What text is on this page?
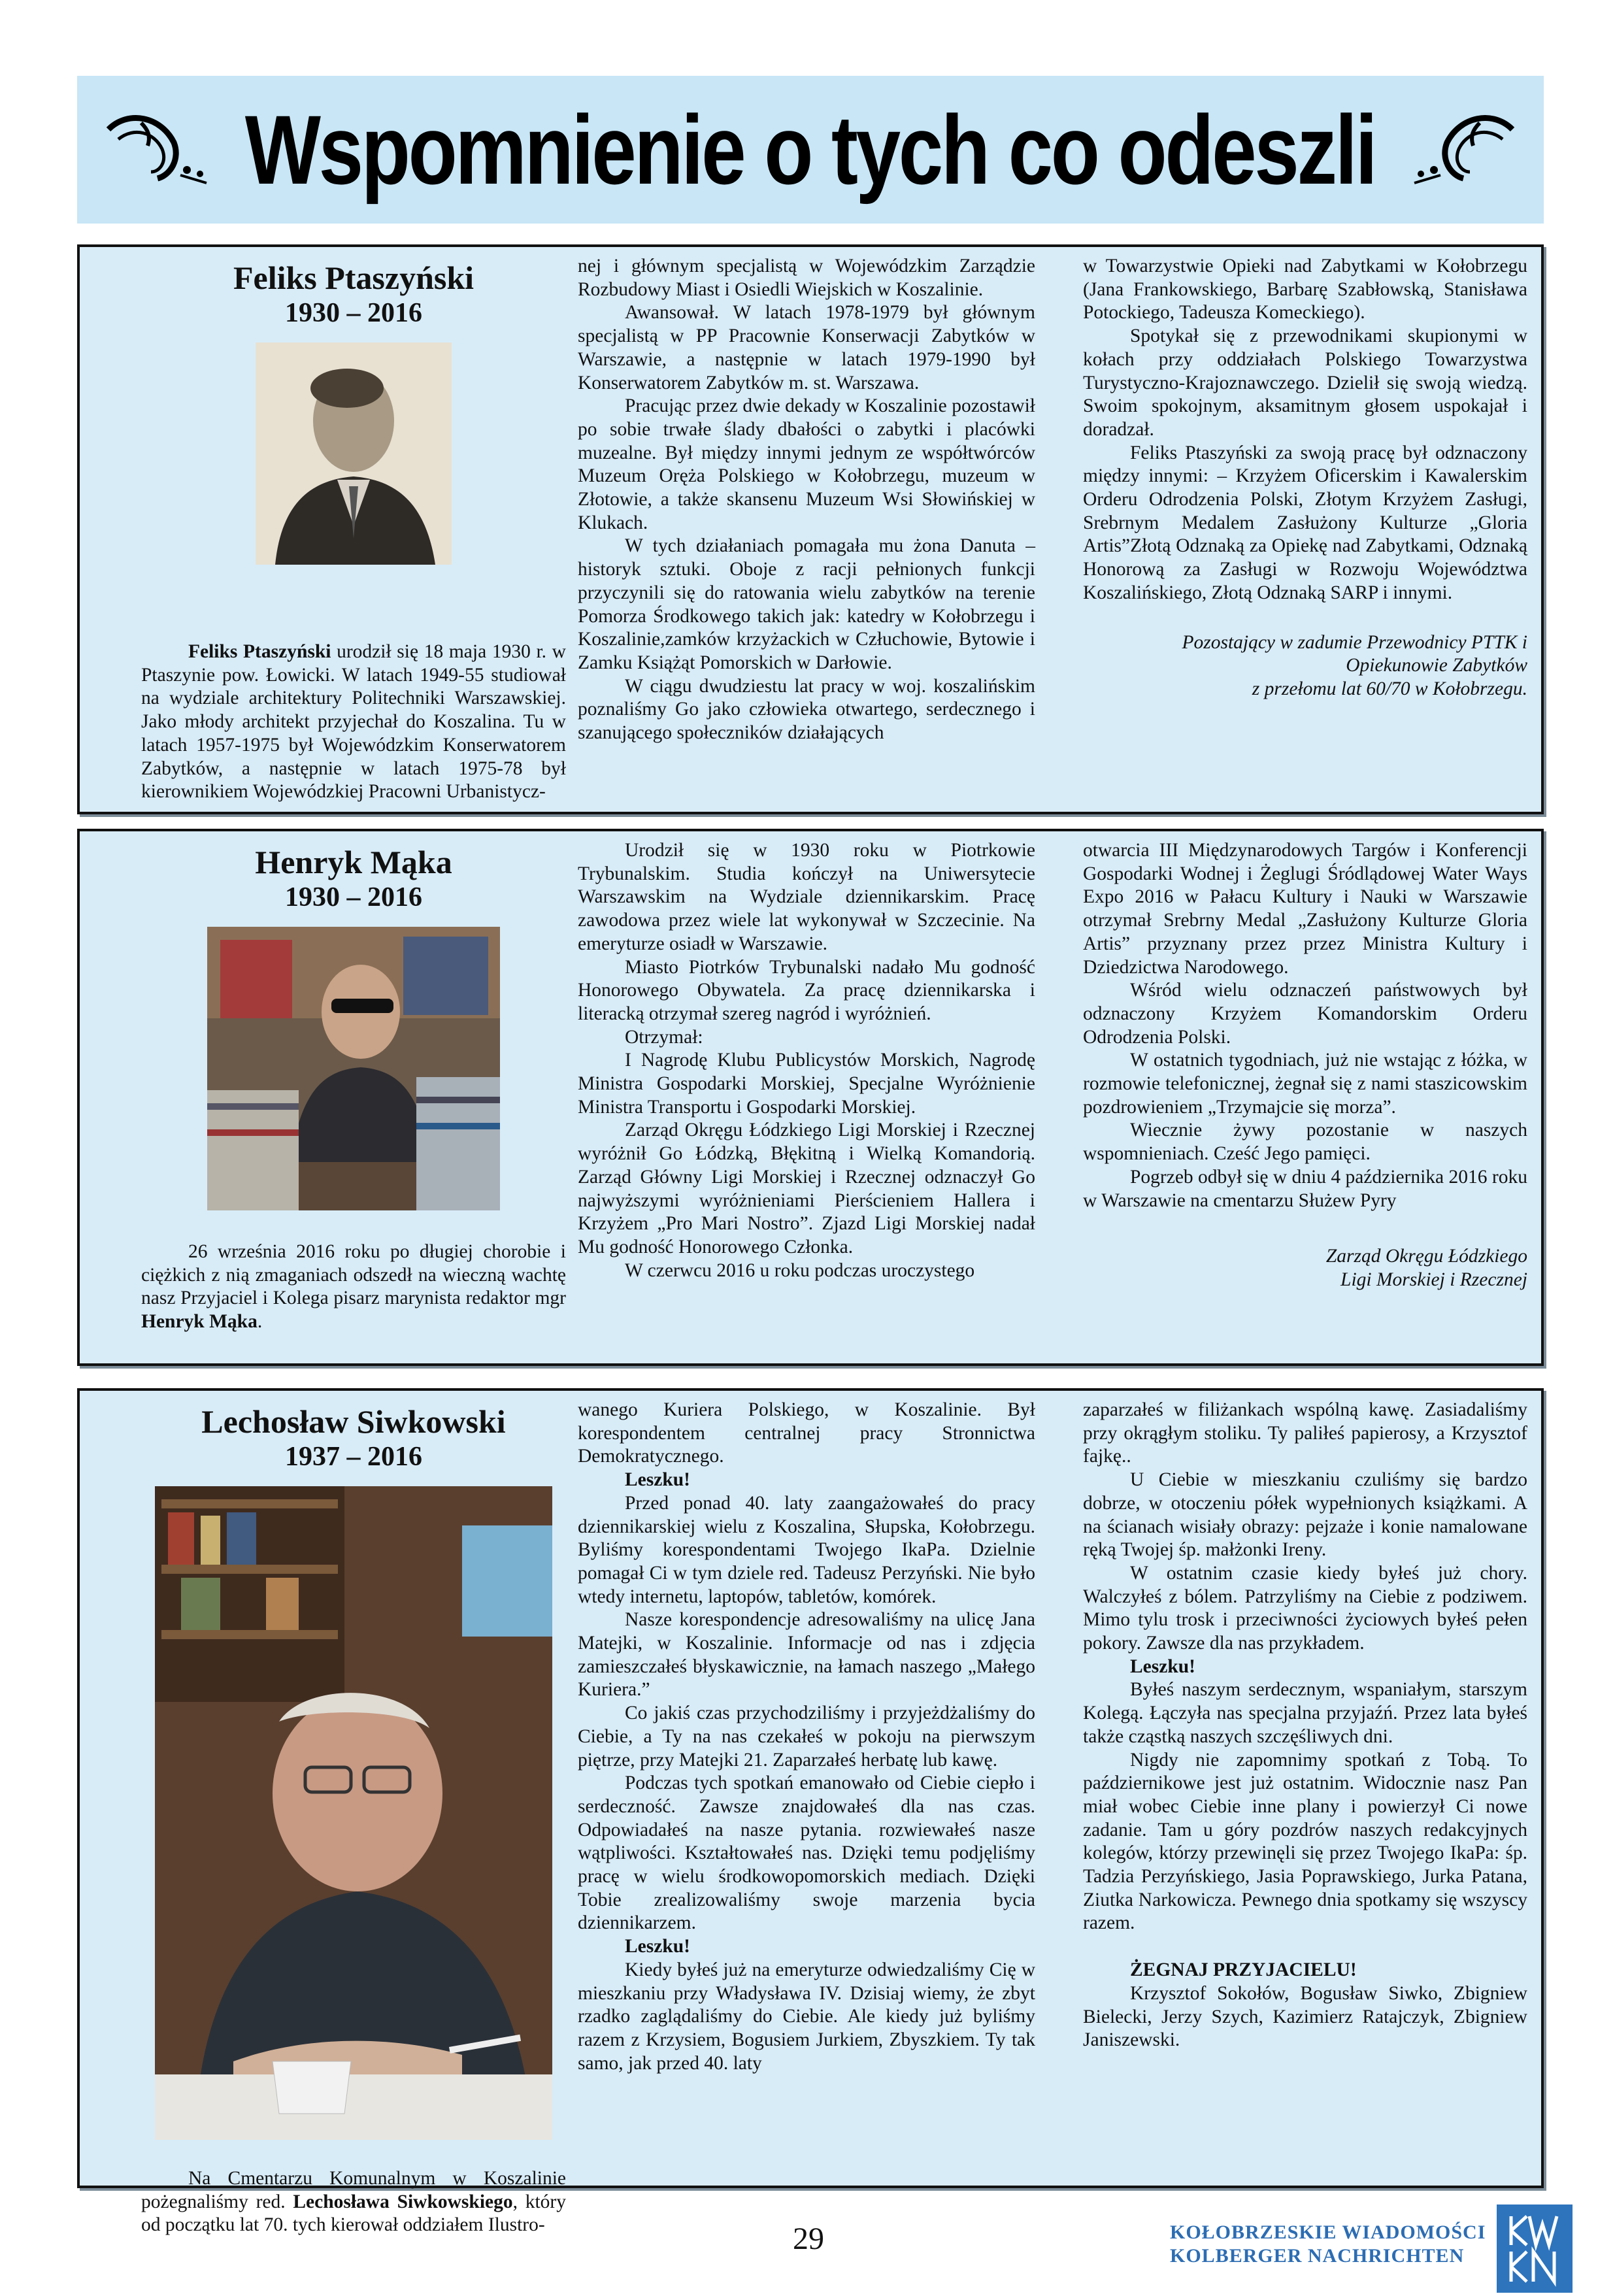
Wspomnienie o tych co odeszli
Feliks Ptaszyński
1930 – 2016

Feliks Ptaszyński urodził się 18 maja 1930 r. w Ptaszynie pow. Łowicki. W latach 1949-55 studiował na wydziale architektury Politechniki Warszawskiej. Jako młody architekt przyjechał do Koszalina. Tu w latach 1957-1975 był Wojewódzkim Konserwatorem Zabytków, a następnie w latach 1975-78 był kierownikiem Wojewódzkiej Pracowni Urbanistycz-

nej i głównym specjalistą w Wojewódzkim Zarządzie Rozbudowy Miast i Osiedli Wiejskich w Koszalinie.

Awansował. W latach 1978-1979 był głównym specjalistą w PP Pracownie Konserwacji Zabytków w Warszawie, a następnie w latach 1979-1990 był Konserwatorem Zabytków m. st. Warszawa.

Pracując przez dwie dekady w Koszalinie pozostawił po sobie trwałe ślady dbałości o zabytki i placówki muzealne. Był między innymi jednym ze współtwórców Muzeum Oręża Polskiego w Kołobrzegu, muzeum w Złotowie, a także skansenu Muzeum Wsi Słowińskiej w Klukach.

W tych działaniach pomagała mu żona Danuta – historyk sztuki. Oboje z racji pełnionych funkcji przyczynili się do ratowania wielu zabytków na terenie Pomorza Środkowego takich jak: katedry w Kołobrzegu i Koszalinie,zamków krzyżackich w Człuchowie, Bytowie i Zamku Książąt Pomorskich w Darłowie.

W ciągu dwudziestu lat pracy w woj. koszalińskim poznaliśmy Go jako człowieka otwartego, serdecznego i szanującego społeczników działających

w Towarzystwie Opieki nad Zabytkami w Kołobrzegu (Jana Frankowskiego, Barbarę Szabłowską, Stanisława Potockiego, Tadeusza Komeckiego).

Spotykał się z przewodnikami skupionymi w kołach przy oddziałach Polskiego Towarzystwa Turystyczno-Krajoznawczego. Dzielił się swoją wiedzą. Swoim spokojnym, aksamitnym głosem uspokajał i doradzał.

Feliks Ptaszyński za swoją pracę był odznaczony między innymi: – Krzyżem Oficerskim i Kawalerskim Orderu Odrodzenia Polski, Złotym Krzyżem Zasługi, Srebrnym Medalem Zasłużony Kulturze „Gloria Artis”Złotą Odznaką za Opiekę nad Zabytkami, Odznaką Honorową za Zasługi w Rozwoju Województwa Koszalińskiego, Złotą Odznaką SARP i innymi.

Pozostający w zadumie Przewodnicy PTTK i
Opiekunowie Zabytków
z przełomu lat 60/70 w Kołobrzegu.
Henryk Mąka
1930 – 2016

26 września 2016 roku po długiej chorobie i ciężkich z nią zmaganiach odszedł na wieczną wachtę nasz Przyjaciel i Kolega pisarz marynista redaktor mgr Henryk Mąka.

Urodził się w 1930 roku w Piotrkowie Trybunalskim. Studia kończył na Uniwersytecie Warszawskim na Wydziale dziennikarskim. Pracę zawodowa przez wiele lat wykonywał w Szczecinie. Na emeryturze osiadł w Warszawie.

Miasto Piotrków Trybunalski nadało Mu godność Honorowego Obywatela. Za pracę dziennikarska i literacką otrzymał szereg nagród i wyróżnień.

Otrzymał:

I Nagrodę Klubu Publicystów Morskich, Nagrodę Ministra Gospodarki Morskiej, Specjalne Wyróżnienie Ministra Transportu i Gospodarki Morskiej.

Zarząd Okręgu Łódzkiego Ligi Morskiej i Rzecznej wyróżnił Go Łódzką, Błękitną i Wielką Komandorią. Zarząd Główny Ligi Morskiej i Rzecznej odznaczył Go najwyższymi wyróżnieniami Pierścieniem Hallera i Krzyżem „Pro Mari Nostro”. Zjazd Ligi Morskiej nadał Mu godność Honorowego Członka.

W czerwcu 2016 u roku podczas uroczystego

otwarcia III Międzynarodowych Targów i Konferencji Gospodarki Wodnej i Żeglugi Śródlądowej Water Ways Expo 2016 w Pałacu Kultury i Nauki w Warszawie otrzymał Srebrny Medal „Zasłużony Kulturze Gloria Artis” przyznany przez przez Ministra Kultury i Dziedzictwa Narodowego.

Wśród wielu odznaczeń państwowych był odznaczony Krzyżem Komandorskim Orderu Odrodzenia Polski.

W ostatnich tygodniach, już nie wstając z łóżka, w rozmowie telefonicznej, żegnał się z nami staszicowskim pozdrowieniem „Trzymajcie się morza”.

Wiecznie żywy pozostanie w naszych wspomnieniach. Cześć Jego pamięci.

Pogrzeb odbył się w dniu 4 października 2016 roku w Warszawie na cmentarzu Służew Pyry

Zarząd Okręgu Łódzkiego
Ligi Morskiej i Rzecznej
Lechosław Siwkowski
1937 – 2016

Na Cmentarzu Komunalnym w Koszalinie pożegnaliśmy red. Lechosława Siwkowskiego, który od początku lat 70. tych kierował oddziałem Ilustro-

wanego Kuriera Polskiego, w Koszalinie. Był korespondentem centralnej pracy Stronnictwa Demokratycznego.

Leszku!

Przed ponad 40. laty zaangażowałeś do pracy dziennikarskiej wielu z Koszalina, Słupska, Kołobrzegu. Byliśmy korespondentami Twojego IkaPa. Dzielnie pomagał Ci w tym dziele red. Tadeusz Perzyński. Nie było wtedy internetu, laptopów, tabletów, komórek.

Nasze korespondencje adresowaliśmy na ulicę Jana Matejki, w Koszalinie. Informacje od nas i zdjęcia zamieszczałeś błyskawicznie, na łamach naszego „Małego Kuriera.”

Co jakiś czas przychodziliśmy i przyjeżdżaliśmy do Ciebie, a Ty na nas czekałeś w pokoju na pierwszym piętrze, przy Matejki 21. Zaparzałeś herbatę lub kawę.

Podczas tych spotkań emanowało od Ciebie ciepło i serdeczność. Zawsze znajdowałeś dla nas czas. Odpowiadałeś na nasze pytania. rozwiewałeś nasze wątpliwości. Kształtowałeś nas. Dzięki temu podjęliśmy pracę w wielu środkowopomorskich mediach. Dzięki Tobie zrealizowaliśmy swoje marzenia bycia dziennikarzem.

Leszku!

Kiedy byłeś już na emeryturze odwiedzaliśmy Cię w mieszkaniu przy Władysława IV. Dzisiaj wiemy, że zbyt rzadko zaglądaliśmy do Ciebie. Ale kiedy już byliśmy razem z Krzysiem, Bogusiem Jurkiem, Zbyszkiem. Ty tak samo, jak przed 40. laty

zaparzałeś w filiżankach wspólną kawę. Zasiadaliśmy przy okrągłym stoliku. Ty paliłeś papierosy, a Krzysztof fajkę..

U Ciebie w mieszkaniu czuliśmy się bardzo dobrze, w otoczeniu półek wypełnionych książkami. A na ścianach wisiały obrazy: pejzaże i konie namalowane ręką Twojej śp. małżonki Ireny.

W ostatnim czasie kiedy byłeś już chory. Walczyłeś z bólem. Patrzyliśmy na Ciebie z podziwem. Mimo tylu trosk i przeciwności życiowych byłeś pełen pokory. Zawsze dla nas przykładem.

Leszku!

Byłeś naszym serdecznym, wspaniałym, starszym Kolegą. Łączyła nas specjalna przyjaźń. Przez lata byłeś także cząstką naszych szczęśliwych dni.

Nigdy nie zapomnimy spotkań z Tobą. To październikowe jest już ostatnim. Widocznie nasz Pan miał wobec Ciebie inne plany i powierzył Ci nowe zadanie. Tam u góry pozdrów naszych redakcyjnych kolegów, którzy przewinęli się przez Twojego IkaPa: śp. Tadzia Perzyńskiego, Jasia Poprawskiego, Jurka Patana, Ziutka Narkowicza. Pewnego dnia spotkamy się wszyscy razem.

ŻEGNAJ PRZYJACIELU!

Krzysztof Sokołów, Bogusław Siwko, Zbigniew Bielecki, Jerzy Szych, Kazimierz Ratajczyk, Zbigniew Janiszewski.

29	KOŁOBRZESKIE WIADOMOŚCI
KOLBERGER NACHRICHTEN
